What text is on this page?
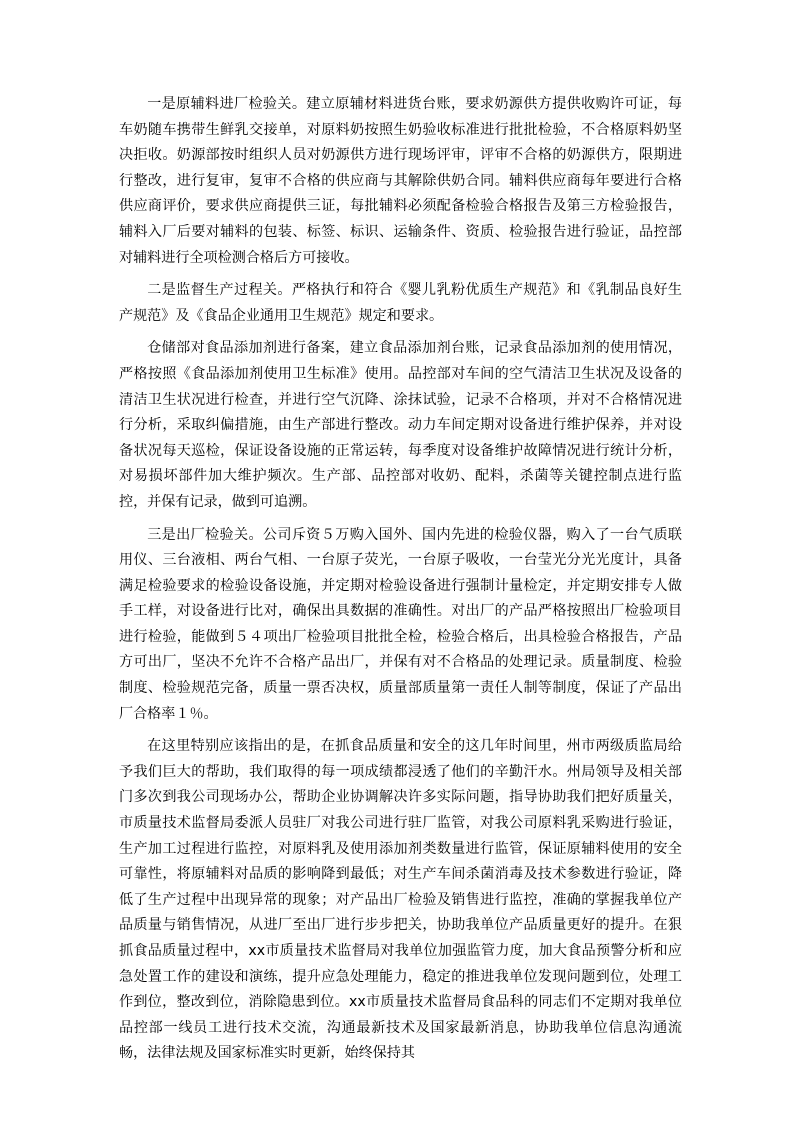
一是原辅料进厂检验关。建立原辅材料进货台账，要求奶源供方提供收购许可证，每车奶随车携带生鲜乳交接单，对原料奶按照生奶验收标准进行批批检验，不合格原料奶坚决拒收。奶源部按时组织人员对奶源供方进行现场评审，评审不合格的奶源供方，限期进行整改，进行复审，复审不合格的供应商与其解除供奶合同。辅料供应商每年要进行合格供应商评价，要求供应商提供三证，每批辅料必须配备检验合格报告及第三方检验报告，辅料入厂后要对辅料的包装、标签、标识、运输条件、资质、检验报告进行验证，品控部对辅料进行全项检测合格后方可接收。

二是监督生产过程关。严格执行和符合《婴儿乳粉优质生产规范》和《乳制品良好生产规范》及《食品企业通用卫生规范》规定和要求。

仓储部对食品添加剂进行备案，建立食品添加剂台账，记录食品添加剂的使用情况，严格按照《食品添加剂使用卫生标准》使用。品控部对车间的空气清洁卫生状况及设备的清洁卫生状况进行检查，并进行空气沉降、涂抹试验，记录不合格项，并对不合格情况进行分析，采取纠偏措施，由生产部进行整改。动力车间定期对设备进行维护保养，并对设备状况每天巡检，保证设备设施的正常运转，每季度对设备维护故障情况进行统计分析，对易损坏部件加大维护频次。生产部、品控部对收奶、配料，杀菌等关键控制点进行监控，并保有记录，做到可追溯。

三是出厂检验关。公司斥资５万购入国外、国内先进的检验仪器，购入了一台气质联用仪、三台液相、两台气相、一台原子荧光，一台原子吸收，一台莹光分光光度计，具备满足检验要求的检验设备设施，并定期对检验设备进行强制计量检定，并定期安排专人做手工样，对设备进行比对，确保出具数据的准确性。对出厂的产品严格按照出厂检验项目进行检验，能做到５４项出厂检验项目批批全检，检验合格后，出具检验合格报告，产品方可出厂，坚决不允许不合格产品出厂，并保有对不合格品的处理记录。质量制度、检验制度、检验规范完备，质量一票否决权，质量部质量第一责任人制等制度，保证了产品出厂合格率１％。

在这里特别应该指出的是，在抓食品质量和安全的这几年时间里，州市两级质监局给予我们巨大的帮助，我们取得的每一项成绩都浸透了他们的辛勤汗水。州局领导及相关部门多次到我公司现场办公，帮助企业协调解决许多实际问题，指导协助我们把好质量关，市质量技术监督局委派人员驻厂对我公司进行驻厂监管，对我公司原料乳采购进行验证，生产加工过程进行监控，对原料乳及使用添加剂类数量进行监管，保证原辅料使用的安全可靠性，将原辅料对品质的影响降到最低；对生产车间杀菌消毒及技术参数进行验证，降低了生产过程中出现异常的现象；对产品出厂检验及销售进行监控，准确的掌握我单位产品质量与销售情况，从进厂至出厂进行步步把关，协助我单位产品质量更好的提升。在狠抓食品质量过程中，xx市质量技术监督局对我单位加强监管力度，加大食品预警分析和应急处置工作的建设和演练，提升应急处理能力，稳定的推进我单位发现问题到位，处理工作到位，整改到位，消除隐患到位。xx市质量技术监督局食品科的同志们不定期对我单位品控部一线员工进行技术交流，沟通最新技术及国家最新消息，协助我单位信息沟通流畅，法律法规及国家标准实时更新，始终保持其
